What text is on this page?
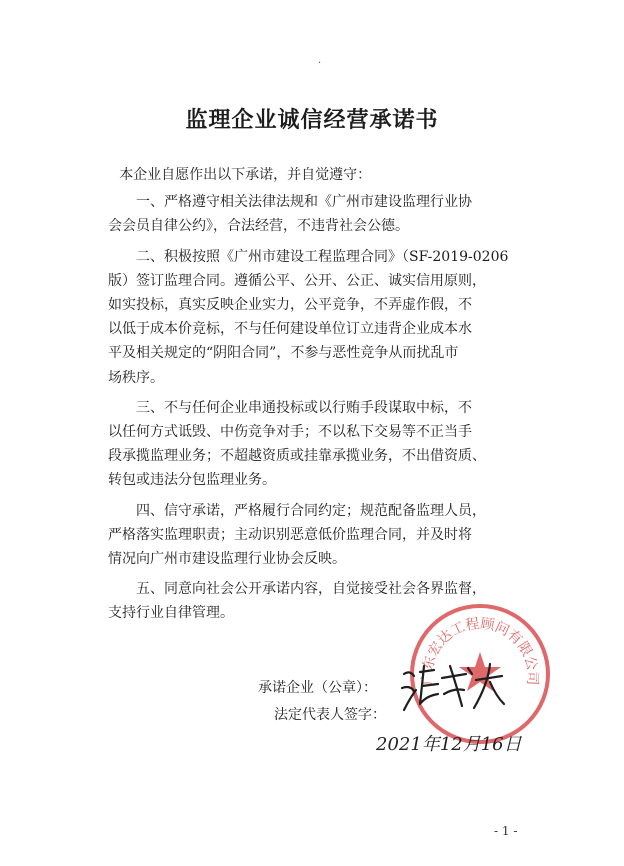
·
监理企业诚信经营承诺书

本企业自愿作出以下承诺，并自觉遵守：

一、严格遵守相关法律法规和《广州市建设监理行业协
会会员自律公约》，合法经营，不违背社会公德。

二、积极按照《广州市建设工程监理合同》（SF-2019-0206
版）签订监理合同。遵循公平、公开、公正、诚实信用原则，
如实投标，真实反映企业实力，公平竞争，不弄虚作假，不
以低于成本价竞标，不与任何建设单位订立违背企业成本水
平及相关规定的“阴阳合同”，不参与恶性竞争从而扰乱市
场秩序。

三、不与任何企业串通投标或以行贿手段谋取中标，不
以任何方式诋毁、中伤竞争对手；不以私下交易等不正当手
段承揽监理业务；不超越资质或挂靠承揽业务，不出借资质、
转包或违法分包监理业务。

四、信守承诺，严格履行合同约定；规范配备监理人员，
严格落实监理职责；主动识别恶意低价监理合同，并及时将
情况向广州市建设监理行业协会反映。

五、同意向社会公开承诺内容，自觉接受社会各界监督，
支持行业自律管理。

广东宏达工程顾问有限公司
承诺企业（公章）：
法定代表人签字：
2021年12月16日
- 1 -
